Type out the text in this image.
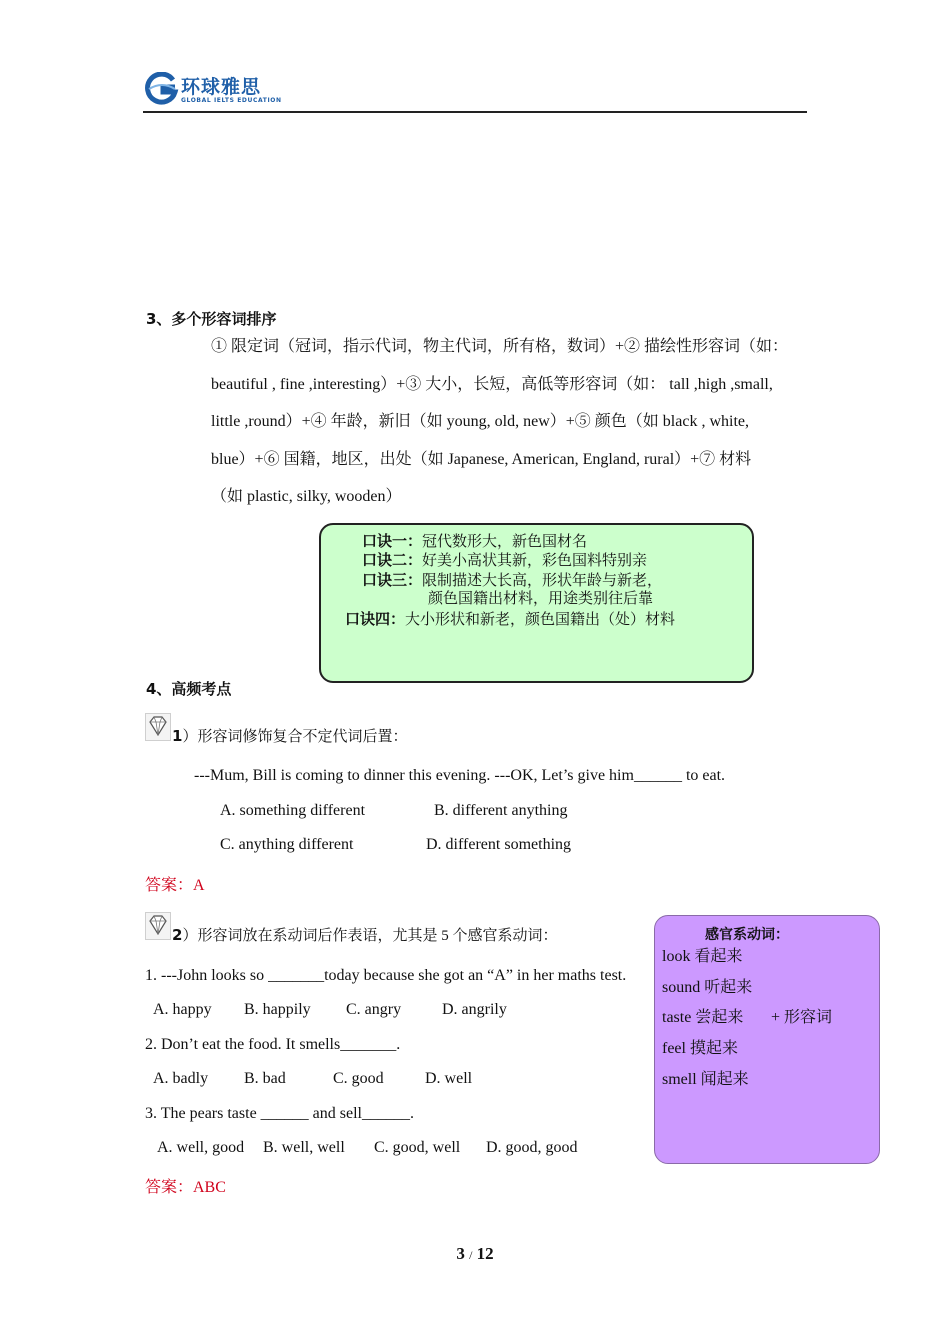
环球雅思
GLOBAL IELTS EDUCATION
3、多个形容词排序

① 限定词（冠词，指示代词，物主代词，所有格，数词）+② 描绘性形容词（如：

beautiful , fine ,interesting）+③ 大小，长短，高低等形容词（如： tall ,high ,small,

little ,round）+④ 年龄，新旧（如 young, old, new）+⑤ 颜色（如 black , white,

blue）+⑥ 国籍，地区，出处（如 Japanese, American, England, rural）+⑦ 材料

（如 plastic, silky, wooden）

口诀一：冠代数形大，新色国材名
口诀二：好美小高状其新，彩色国料特别亲
口诀三：限制描述大长高，形状年龄与新老，
颜色国籍出材料，用途类别往后靠
口诀四：大小形状和新老，颜色国籍出（处）材料
4、高频考点
1）形容词修饰复合不定代词后置：
---Mum, Bill is coming to dinner this evening. ---OK, Let’s give him______ to eat.
A. something different	B. different anything
C. anything different	D. different something
答案：A
2）形容词放在系动词后作表语，尤其是 5 个感官系动词：
1. ---John looks so _______today because she got an “A” in her maths test.
A. happy B. happily C. angry	D. angrily
2. Don’t eat the food. It smells_______.
A. badly B. bad	C. good	D. well
3. The pears taste ______ and sell______.
A. well, good B. well, well C. good, well D. good, good
答案：ABC
感官系动词：
look 看起来
sound 听起来
taste 尝起来 + 形容词
feel 摸起来
smell 闻起来
3 / 12
